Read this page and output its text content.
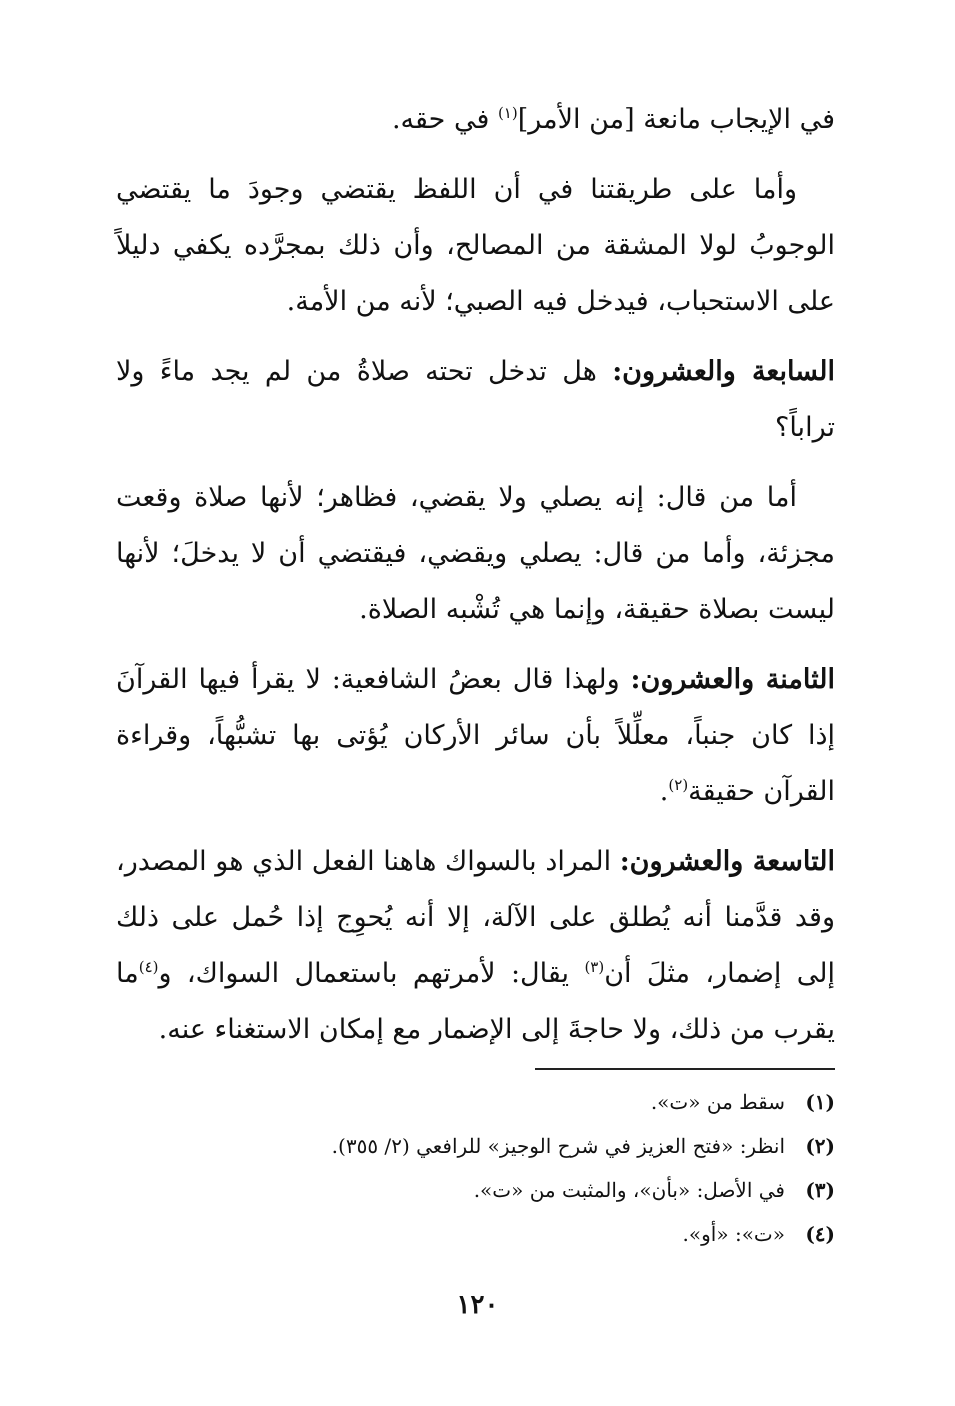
في الإيجاب مانعة [من الأمر]$^{(١)}$ في حقه.

وأما على طريقتنا في أن اللفظ يقتضي وجودَ ما يقتضي الوجوبُ لولا المشقة من المصالح، وأن ذلك بمجرَّده يكفي دليلاً على الاستحباب، فيدخل فيه الصبي؛ لأنه من الأمة.

السابعة والعشرون: هل تدخل تحته صلاةُ من لم يجد ماءً ولا تراباً؟

أما من قال: إنه يصلي ولا يقضي، فظاهر؛ لأنها صلاة وقعت مجزئة، وأما من قال: يصلي ويقضي، فيقتضي أن لا يدخلَ؛ لأنها ليست بصلاة حقيقة، وإنما هي تُشْبه الصلاة.

الثامنة والعشرون: ولهذا قال بعضُ الشافعية: لا يقرأ فيها القرآنَ إذا كان جنباً، معلِّلاً بأن سائر الأركان يُؤتى بها تشبُّهاً، وقراءة القرآن حقيقة$^{(٢)}$.

التاسعة والعشرون: المراد بالسواك هاهنا الفعل الذي هو المصدر، وقد قدَّمنا أنه يُطلق على الآلة، إلا أنه يُحوِج إذا حُمل على ذلك إلى إضمار، مثلَ أن$^{(٣)}$ يقال: لأمرتهم باستعمال السواك، و$^{(٤)}$ما يقرب من ذلك، ولا حاجةَ إلى الإضمار مع إمكان الاستغناء عنه.

(١)
سقط من «ت».
(٢)
انظر: «فتح العزيز في شرح الوجيز» للرافعي (٢/ ٣٥٥).
(٣)
في الأصل: «بأن»، والمثبت من «ت».
(٤)
«ت»: «أو».
١٢٠
